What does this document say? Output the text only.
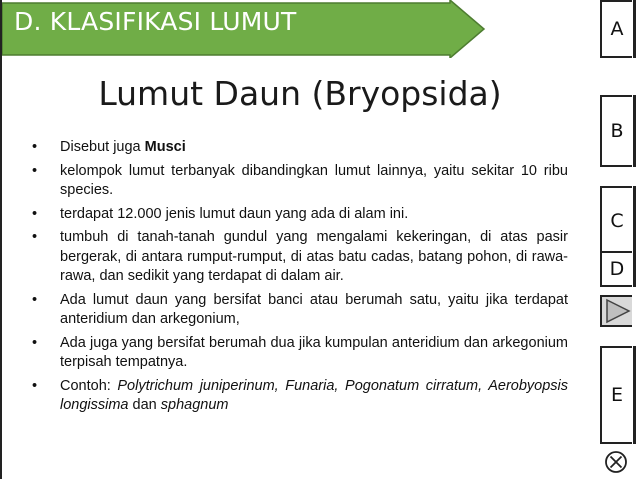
D. KLASIFIKASI LUMUT
Lumut Daun (Bryopsida)
• Disebut juga Musci
• kelompok lumut terbanyak dibandingkan lumut lainnya, yaitu sekitar 10 ribu species.
• terdapat 12.000 jenis lumut daun yang ada di alam ini.
• tumbuh di tanah-tanah gundul yang mengalami kekeringan, di atas pasir bergerak, di antara rumput-rumput, di atas batu cadas, batang pohon, di rawa-rawa, dan sedikit yang terdapat di dalam air.
• Ada lumut daun yang bersifat banci atau berumah satu, yaitu jika terdapat anteridium dan arkegonium,
• Ada juga yang bersifat berumah dua jika kumpulan anteridium dan arkegonium terpisah tempatnya.
• Contoh: Polytrichum juniperinum, Funaria, Pogonatum cirratum, Aerobyopsis longissima dan sphagnum
A
B
C
D
E
